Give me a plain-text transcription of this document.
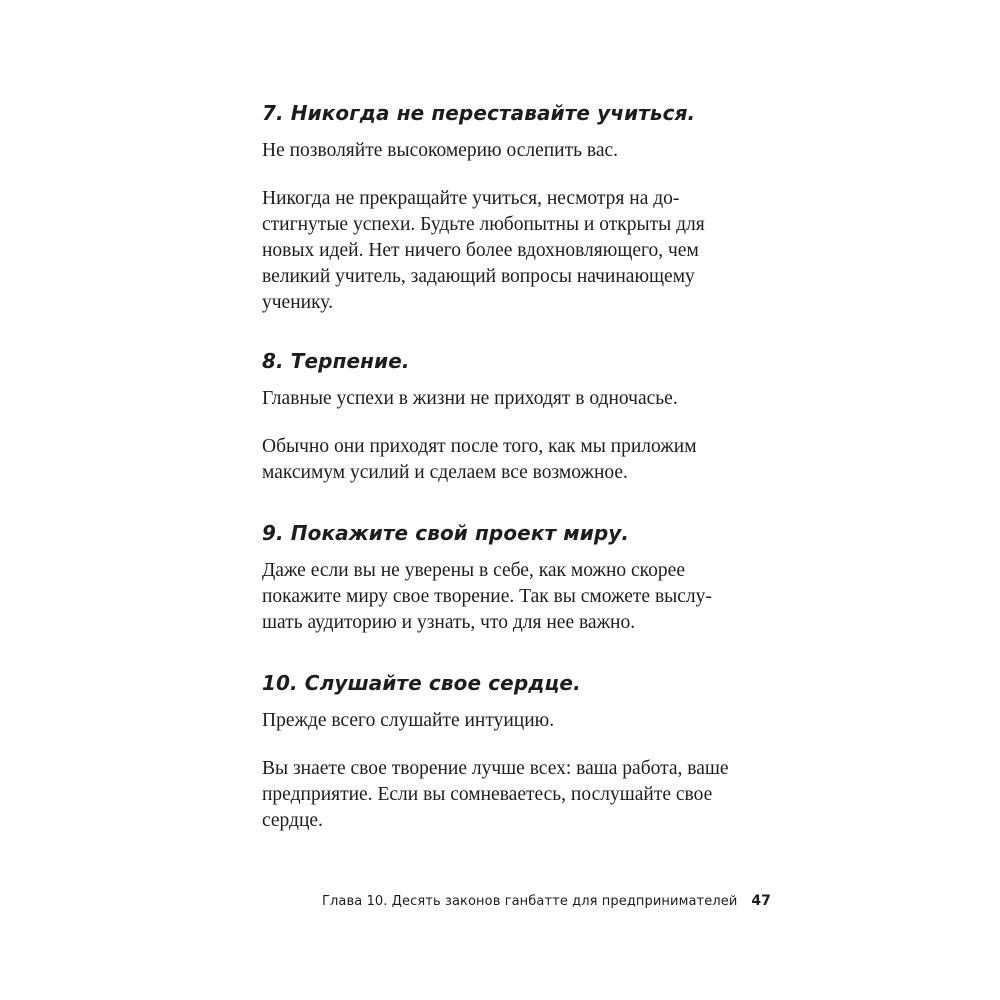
7. Никогда не переставайте учиться.

Не позволяйте высокомерию ослепить вас.

Никогда не прекращайте учиться, несмотря на до-

стигнутые успехи. Будьте любопытны и открыты для

новых идей. Нет ничего более вдохновляющего, чем

великий учитель, задающий вопросы начинающему

ученику.

8. Терпение.

Главные успехи в жизни не приходят в одночасье.

Обычно они приходят после того, как мы приложим

максимум усилий и сделаем все возможное.

9. Покажите свой проект миру.

Даже если вы не уверены в себе, как можно скорее

покажите миру свое творение. Так вы сможете выслу-

шать аудиторию и узнать, что для нее важно.

10. Слушайте свое сердце.

Прежде всего слушайте интуицию.

Вы знаете свое творение лучше всех: ваша работа, ваше

предприятие. Если вы сомневаетесь, послушайте свое

сердце.

Глава 10. Десять законов ганбатте для предпринимателей 47
